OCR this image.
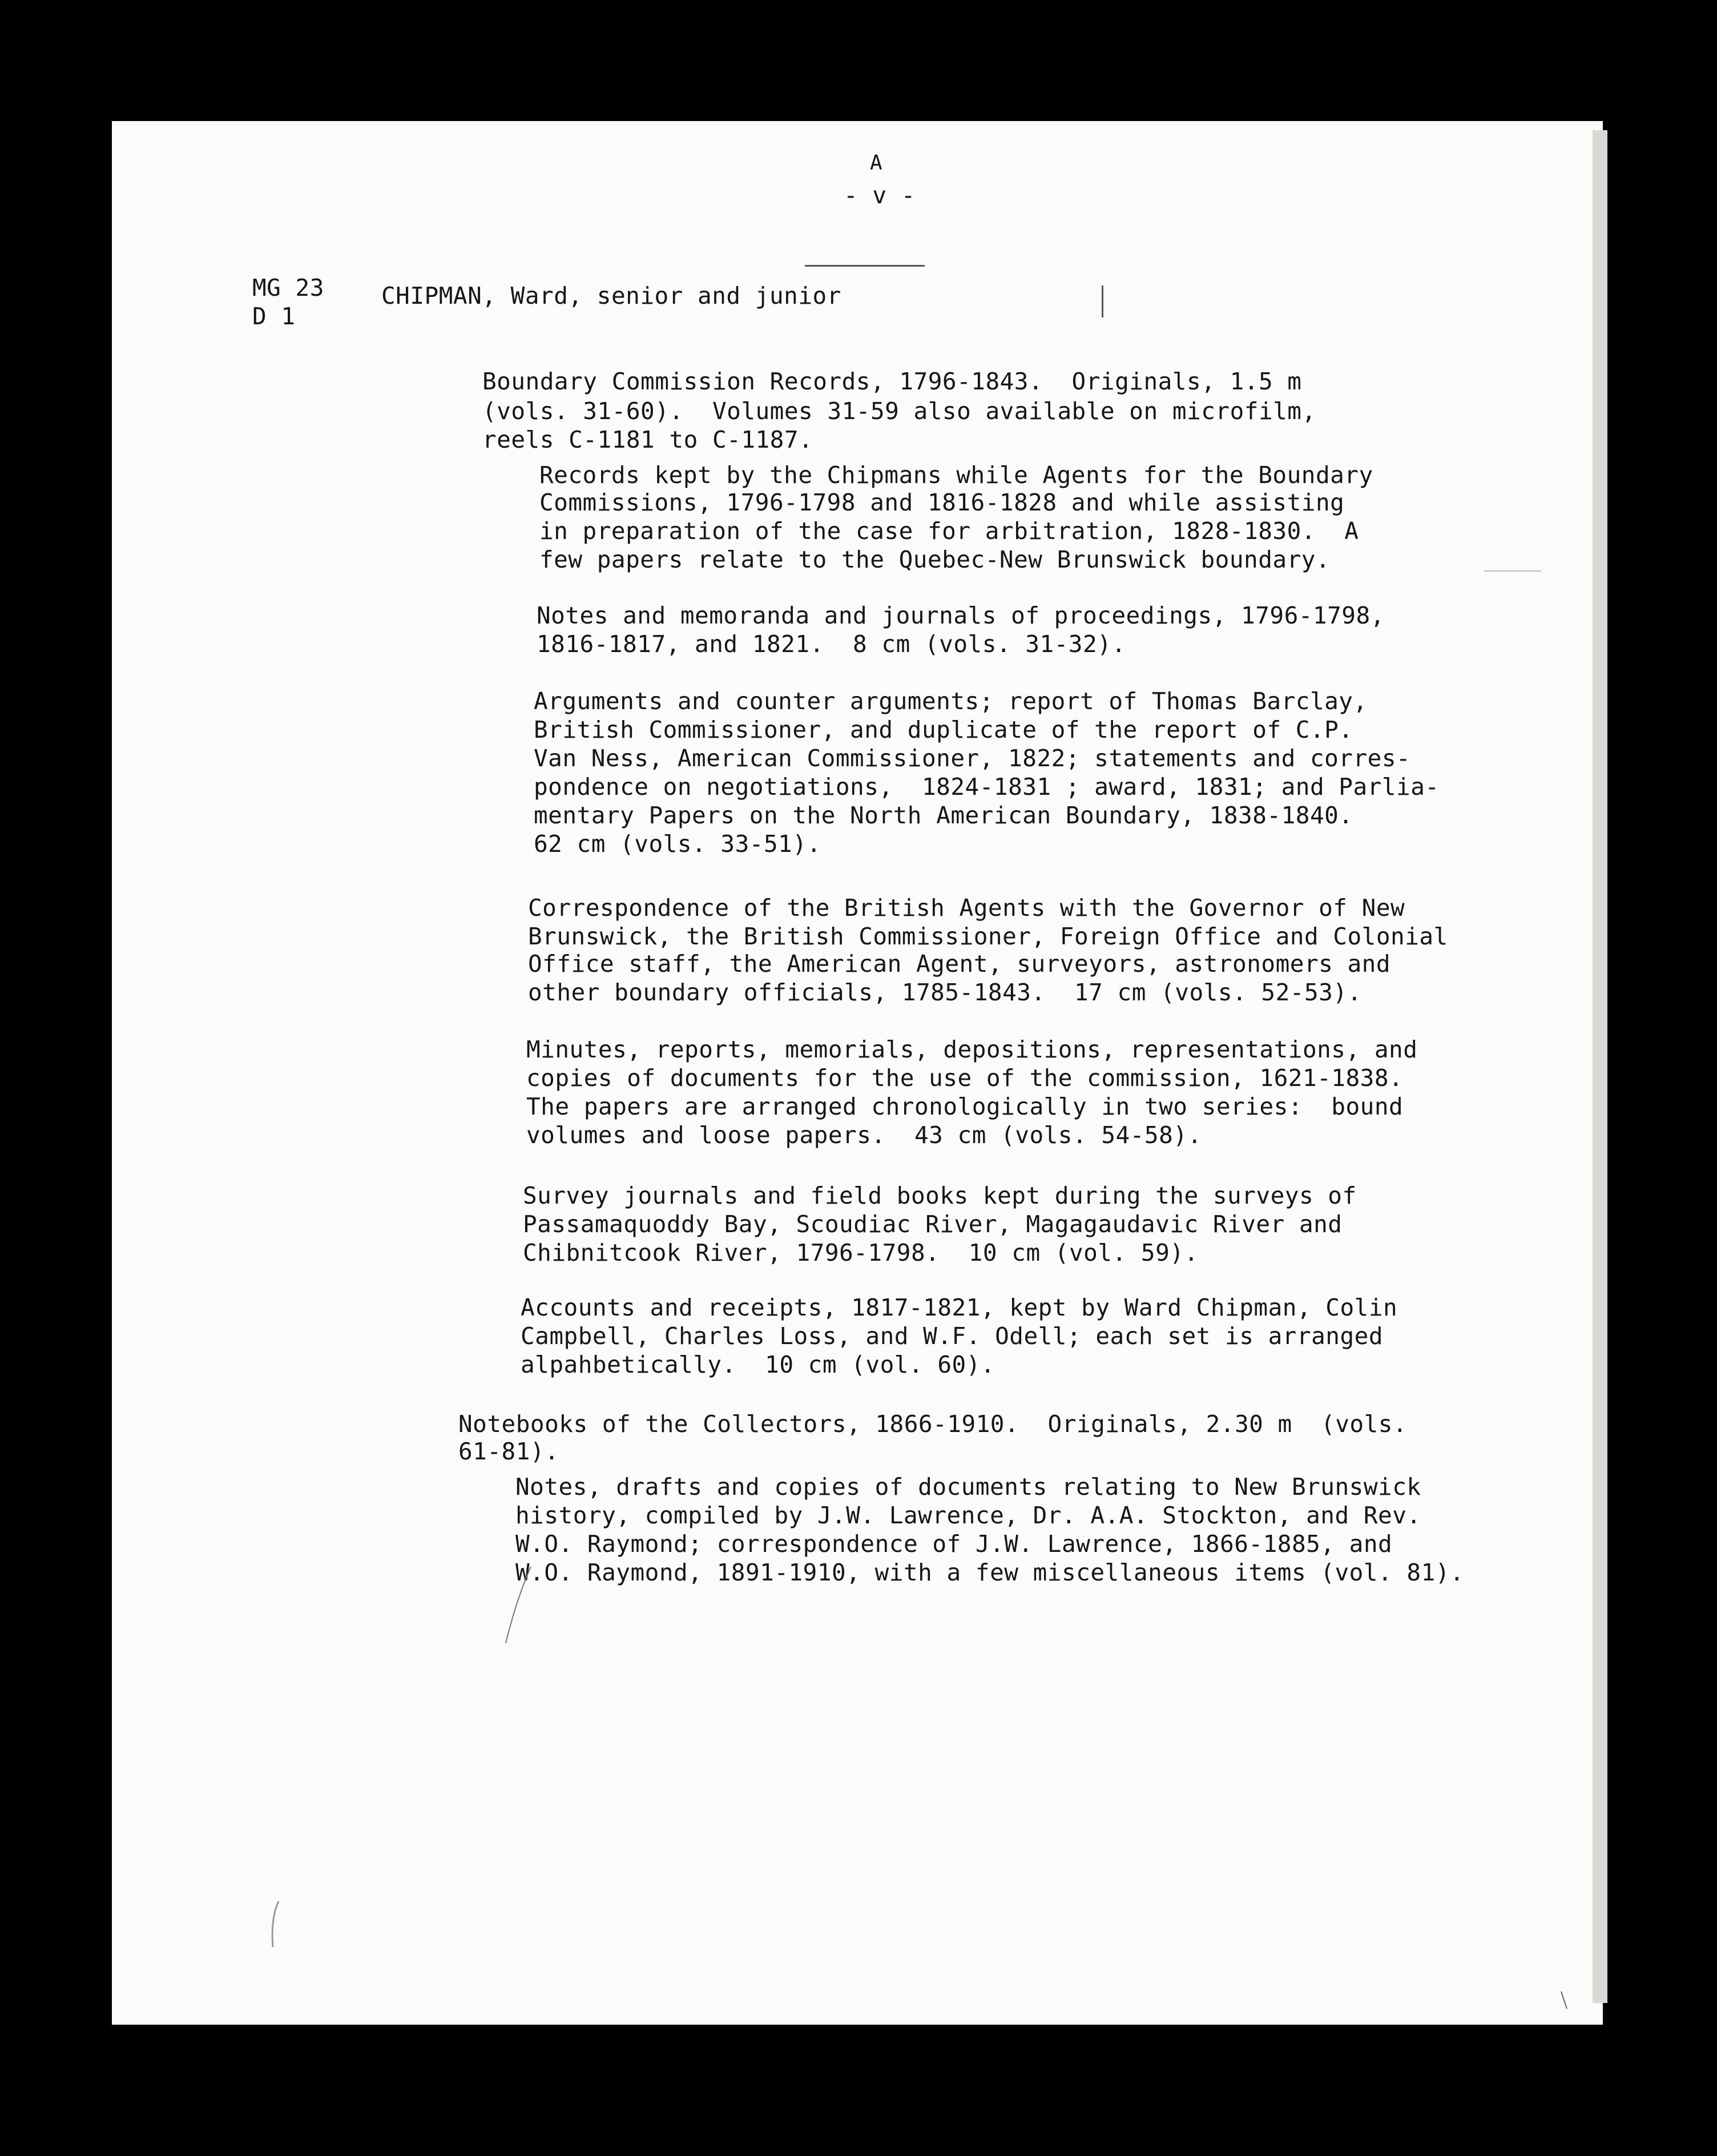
A
- v -
MG 23
D 1
CHIPMAN, Ward, senior and junior
Boundary Commission Records, 1796-1843.  Originals, 1.5 m
(vols. 31-60).  Volumes 31-59 also available on microfilm,
reels C-1181 to C-1187.
Records kept by the Chipmans while Agents for the Boundary
Commissions, 1796-1798 and 1816-1828 and while assisting
in preparation of the case for arbitration, 1828-1830.  A
few papers relate to the Quebec-New Brunswick boundary.
Notes and memoranda and journals of proceedings, 1796-1798,
1816-1817, and 1821.  8 cm (vols. 31-32).
Arguments and counter arguments; report of Thomas Barclay,
British Commissioner, and duplicate of the report of C.P.
Van Ness, American Commissioner, 1822; statements and corres-
pondence on negotiations,  1824-1831 ; award, 1831; and Parlia-
mentary Papers on the North American Boundary, 1838-1840.
62 cm (vols. 33-51).
Correspondence of the British Agents with the Governor of New
Brunswick, the British Commissioner, Foreign Office and Colonial
Office staff, the American Agent, surveyors, astronomers and
other boundary officials, 1785-1843.  17 cm (vols. 52-53).
Minutes, reports, memorials, depositions, representations, and
copies of documents for the use of the commission, 1621-1838.
The papers are arranged chronologically in two series:  bound
volumes and loose papers.  43 cm (vols. 54-58).
Survey journals and field books kept during the surveys of
Passamaquoddy Bay, Scoudiac River, Magagaudavic River and
Chibnitcook River, 1796-1798.  10 cm (vol. 59).
Accounts and receipts, 1817-1821, kept by Ward Chipman, Colin
Campbell, Charles Loss, and W.F. Odell; each set is arranged
alpahbetically.  10 cm (vol. 60).
Notebooks of the Collectors, 1866-1910.  Originals, 2.30 m  (vols.
61-81).
Notes, drafts and copies of documents relating to New Brunswick
history, compiled by J.W. Lawrence, Dr. A.A. Stockton, and Rev.
W.O. Raymond; correspondence of J.W. Lawrence, 1866-1885, and
W.O. Raymond, 1891-1910, with a few miscellaneous items (vol. 81).
